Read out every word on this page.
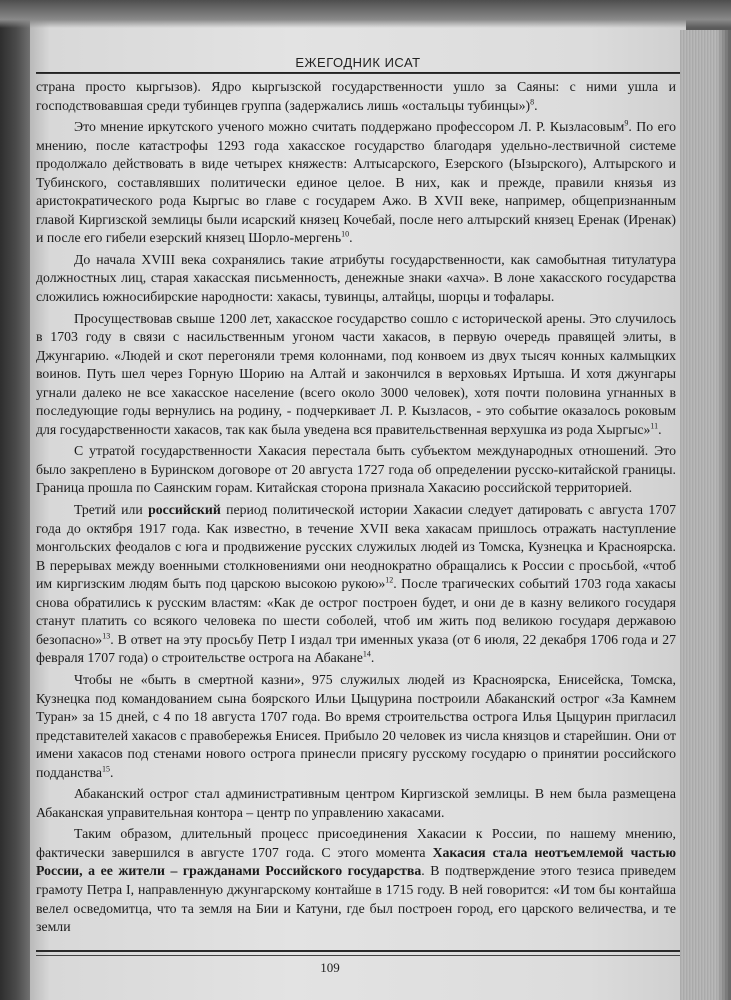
ЕЖЕГОДНИК ИСАТ

страна просто кыргызов). Ядро кыргызской государственности ушло за Саяны: с ними ушла и господствовавшая среди тубинцев группа (задержались лишь «остальцы тубинцы»)$^8$.

Это мнение иркутского ученого можно считать поддержано профессором Л. Р. Кызласовым$^9$. По его мнению, после катастрофы 1293 года хакасское государство благодаря удельно-лествичной системе продолжало действовать в виде четырех княжеств: Алтысарского, Езерского (Ызырского), Алтырского и Тубинского, составлявших политически единое целое. В них, как и прежде, правили князья из аристократического рода Кыргыс во главе с государем Ажо. В XVII веке, например, общепризнанным главой Киргизской землицы были исарский князец Кочебай, после него алтырский князец Еренак (Иренак) и после его гибели езерский князец Шорло-мергень$^{10}$.

До начала XVIII века сохранялись такие атрибуты государственности, как самобытная титулатура должностных лиц, старая хакасская письменность, денежные знаки «ахча». В лоне хакасского государства сложились южносибирские народности: хакасы, тувинцы, алтайцы, шорцы и тофалары.

Просуществовав свыше 1200 лет, хакасское государство сошло с исторической арены. Это случилось в 1703 году в связи с насильственным угоном части хакасов, в первую очередь правящей элиты, в Джунгарию. «Людей и скот перегоняли тремя колоннами, под конвоем из двух тысяч конных калмыцких воинов. Путь шел через Горную Шорию на Алтай и закончился в верховьях Иртыша. И хотя джунгары угнали далеко не все хакасское население (всего около 3000 человек), хотя почти половина угнанных в последующие годы вернулись на родину, - подчеркивает Л. Р. Кызласов, - это событие оказалось роковым для государственности хакасов, так как была уведена вся правительственная верхушка из рода Хыргыс»$^{11}$.

С утратой государственности Хакасия перестала быть субъектом международных отношений. Это было закреплено в Буринском договоре от 20 августа 1727 года об определении русско-китайской границы. Граница прошла по Саянским горам. Китайская сторона признала Хакасию российской территорией.

Третий или российский период политической истории Хакасии следует датировать с августа 1707 года до октября 1917 года. Как известно, в течение XVII века хакасам пришлось отражать наступление монгольских феодалов с юга и продвижение русских служилых людей из Томска, Кузнецка и Красноярска. В перерывах между военными столкновениями они неоднократно обращались к России с просьбой, «чтоб им киргизским людям быть под царскою высокою рукою»$^{12}$. После трагических событий 1703 года хакасы снова обратились к русским властям: «Как де острог построен будет, и они де в казну великого государя станут платить со всякого человека по шести соболей, чтоб им жить под великою государя державою безопасно»$^{13}$. В ответ на эту просьбу Петр I издал три именных указа (от 6 июля, 22 декабря 1706 года и 27 февраля 1707 года) о строительстве острога на Абакане$^{14}$.

Чтобы не «быть в смертной казни», 975 служилых людей из Красноярска, Енисейска, Томска, Кузнецка под командованием сына боярского Ильи Цыцурина построили Абаканский острог «За Камнем Туран» за 15 дней, с 4 по 18 августа 1707 года. Во время строительства острога Илья Цыцурин пригласил представителей хакасов с правобережья Енисея. Прибыло 20 человек из числа князцов и старейшин. Они от имени хакасов под стенами нового острога принесли присягу русскому государю о принятии российского подданства$^{15}$.

Абаканский острог стал административным центром Киргизской землицы. В нем была размещена Абаканская управительная контора – центр по управлению хакасами.

Таким образом, длительный процесс присоединения Хакасии к России, по нашему мнению, фактически завершился в августе 1707 года. С этого момента Хакасия стала неотъемлемой частью России, а ее жители – гражданами Российского государства. В подтверждение этого тезиса приведем грамоту Петра I, направленную джунгарскому контайше в 1715 году. В ней говорится: «И том бы контайша велел осведомитца, что та земля на Бии и Катуни, где был построен город, его царского величества, и те земли

109
